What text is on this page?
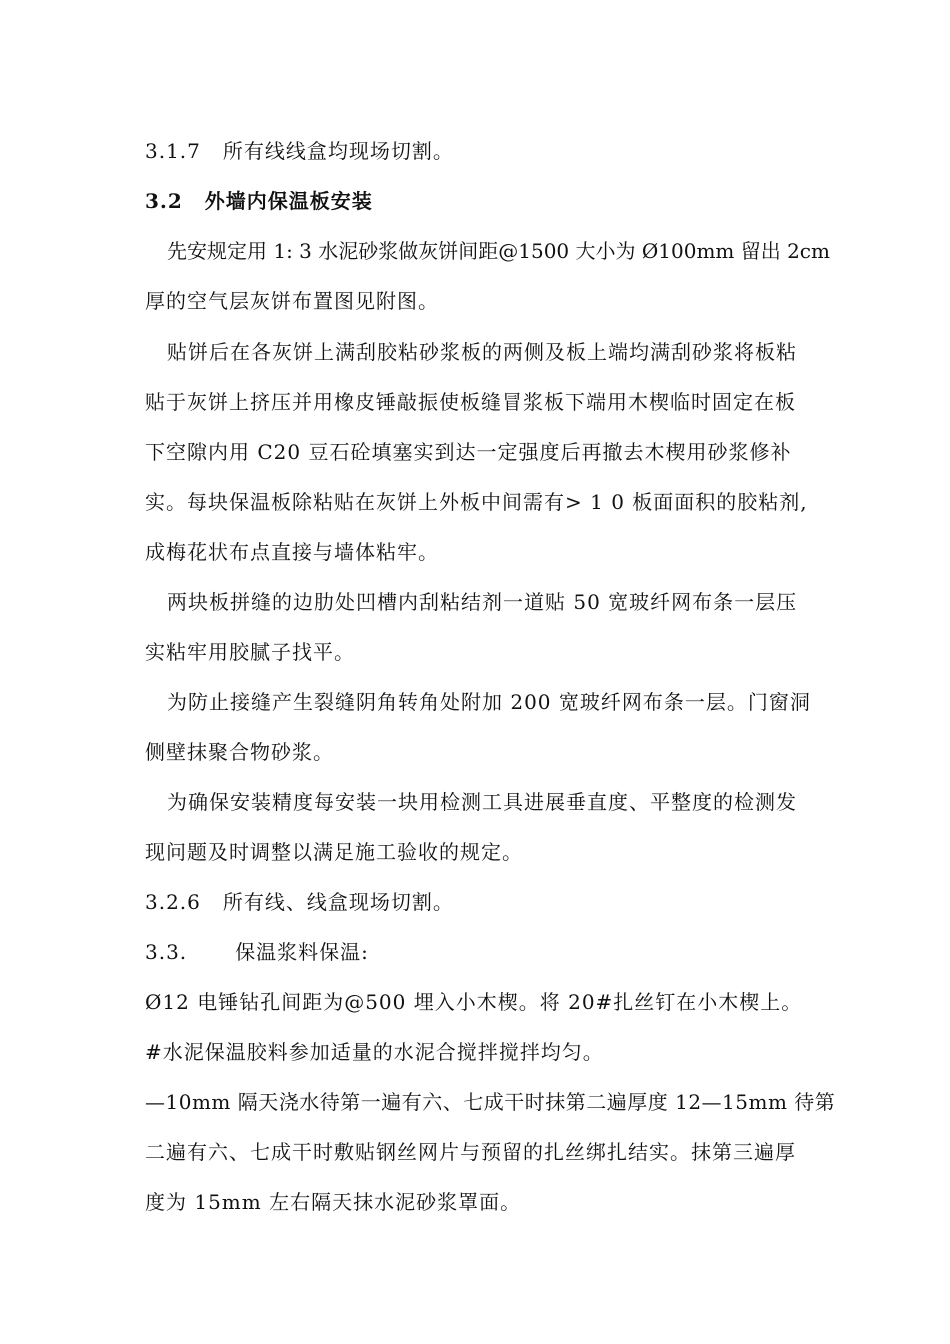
3.1.7 所有线线盒均现场切割。
3.2 外墙内保温板安装
先安规定用 1: 3 水泥砂浆做灰饼间距@1500 大小为 Ø100mm 留出 2cm
厚的空气层灰饼布置图见附图。
贴饼后在各灰饼上满刮胶粘砂浆板的两侧及板上端均满刮砂浆将板粘
贴于灰饼上挤压并用橡皮锤敲振使板缝冒浆板下端用木楔临时固定在板
下空隙内用 C20 豆石砼填塞实到达一定强度后再撤去木楔用砂浆修补
实。每块保温板除粘贴在灰饼上外板中间需有> 1 0 板面面积的胶粘剂,
成梅花状布点直接与墙体粘牢。
两块板拼缝的边肋处凹槽内刮粘结剂一道贴 50 宽玻纤网布条一层压
实粘牢用胶腻子找平。
为防止接缝产生裂缝阴角转角处附加 200 宽玻纤网布条一层。门窗洞
侧壁抹聚合物砂浆。
为确保安装精度每安装一块用检测工具进展垂直度、平整度的检测发
现问题及时调整以满足施工验收的规定。
3.2.6 所有线、线盒现场切割。
3.3. 保温浆料保温:
Ø12 电锤钻孔间距为@500 埋入小木楔。将 20#扎丝钉在小木楔上。
#水泥保温胶料参加适量的水泥合搅拌搅拌均匀。
—10mm 隔天浇水待第一遍有六、七成干时抹第二遍厚度 12—15mm 待第
二遍有六、七成干时敷贴钢丝网片与预留的扎丝绑扎结实。抹第三遍厚
度为 15mm 左右隔天抹水泥砂浆罩面。
